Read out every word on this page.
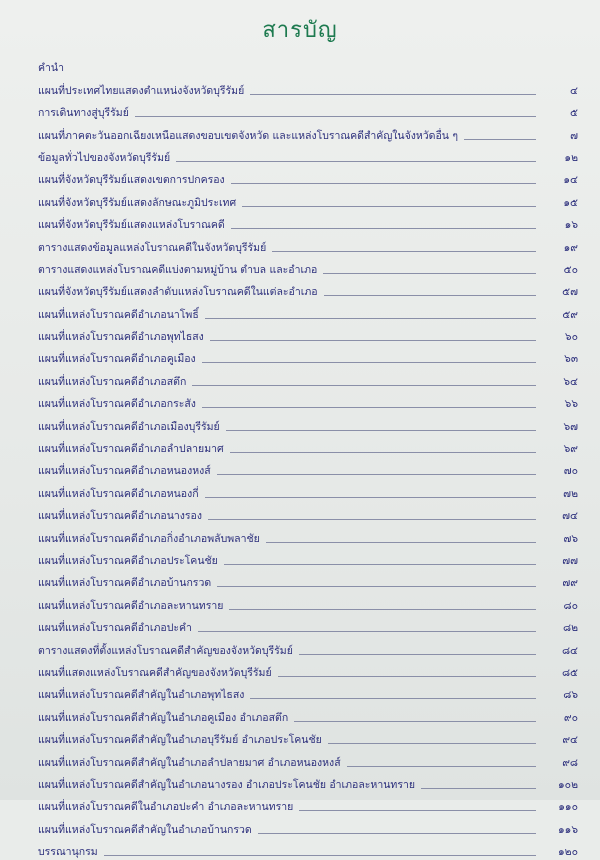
สารบัญ
คำนำ
แผนที่ประเทศไทยแสดงตำแหน่งจังหวัดบุรีรัมย์	๔
การเดินทางสู่บุรีรัมย์	๕
แผนที่ภาคตะวันออกเฉียงเหนือแสดงขอบเขตจังหวัด และแหล่งโบราณคดีสำคัญในจังหวัดอื่น ๆ	๗
ข้อมูลทั่วไปของจังหวัดบุรีรัมย์	๑๒
แผนที่จังหวัดบุรีรัมย์แสดงเขตการปกครอง	๑๔
แผนที่จังหวัดบุรีรัมย์แสดงลักษณะภูมิประเทศ	๑๕
แผนที่จังหวัดบุรีรัมย์แสดงแหล่งโบราณคดี	๑๖
ตารางแสดงข้อมูลแหล่งโบราณคดีในจังหวัดบุรีรัมย์	๑๙
ตารางแสดงแหล่งโบราณคดีแบ่งตามหมู่บ้าน ตำบล และอำเภอ	๕๐
แผนที่จังหวัดบุรีรัมย์แสดงลำดับแหล่งโบราณคดีในแต่ละอำเภอ	๕๗
แผนที่แหล่งโบราณคดีอำเภอนาโพธิ์	๕๙
แผนที่แหล่งโบราณคดีอำเภอพุทไธสง	๖๐
แผนที่แหล่งโบราณคดีอำเภอคูเมือง	๖๓
แผนที่แหล่งโบราณคดีอำเภอสตึก	๖๔
แผนที่แหล่งโบราณคดีอำเภอกระสัง	๖๖
แผนที่แหล่งโบราณคดีอำเภอเมืองบุรีรัมย์	๖๗
แผนที่แหล่งโบราณคดีอำเภอลำปลายมาศ	๖๙
แผนที่แหล่งโบราณคดีอำเภอหนองหงส์	๗๐
แผนที่แหล่งโบราณคดีอำเภอหนองกี่	๗๒
แผนที่แหล่งโบราณคดีอำเภอนางรอง	๗๔
แผนที่แหล่งโบราณคดีอำเภอกิ่งอำเภอพลับพลาชัย	๗๖
แผนที่แหล่งโบราณคดีอำเภอประโคนชัย	๗๗
แผนที่แหล่งโบราณคดีอำเภอบ้านกรวด	๗๙
แผนที่แหล่งโบราณคดีอำเภอละหานทราย	๘๐
แผนที่แหล่งโบราณคดีอำเภอปะคำ	๘๒
ตารางแสดงที่ตั้งแหล่งโบราณคดีสำคัญของจังหวัดบุรีรัมย์	๘๔
แผนที่แสดงแหล่งโบราณคดีสำคัญของจังหวัดบุรีรัมย์	๘๕
แผนที่แหล่งโบราณคดีสำคัญในอำเภอพุทไธสง	๘๖
แผนที่แหล่งโบราณคดีสำคัญในอำเภอคูเมือง อำเภอสตึก	๙๐
แผนที่แหล่งโบราณคดีสำคัญในอำเภอบุรีรัมย์ อำเภอประโคนชัย	๙๔
แผนที่แหล่งโบราณคดีสำคัญในอำเภอลำปลายมาศ อำเภอหนองหงส์	๙๘
แผนที่แหล่งโบราณคดีสำคัญในอำเภอนางรอง อำเภอประโคนชัย อำเภอละหานทราย	๑๐๒
แผนที่แหล่งโบราณคดีในอำเภอปะคำ อำเภอละหานทราย	๑๑๐
แผนที่แหล่งโบราณคดีสำคัญในอำเภอบ้านกรวด	๑๑๖
บรรณานุกรม	๑๒๐
